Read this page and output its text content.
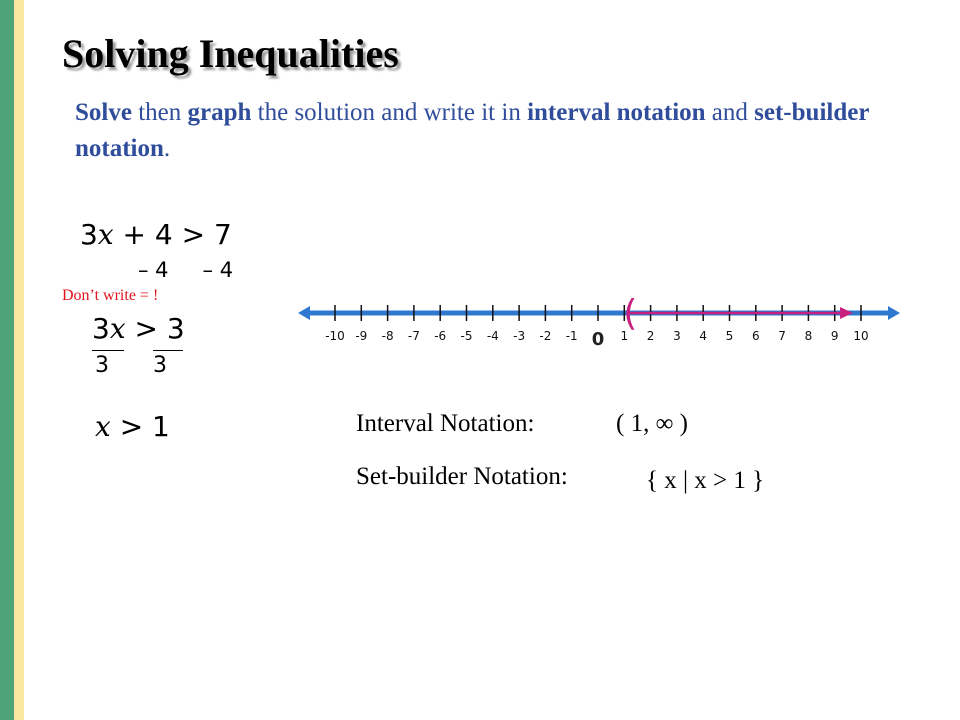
Solving Inequalities
Solve then graph the solution and write it in interval notation and set-builder notation.
3x + 4 > 7
– 4 – 4
Don’t write = !
3x > 3
3 3
x > 1
-10 -9 -8 -7 -6 -5 -4 -3 -2 -1 0 1 2 3 4 5 6 7 8 9 10
(
Interval Notation:	( 1, ∞ )
Set-builder Notation:	{ x | x > 1 }
